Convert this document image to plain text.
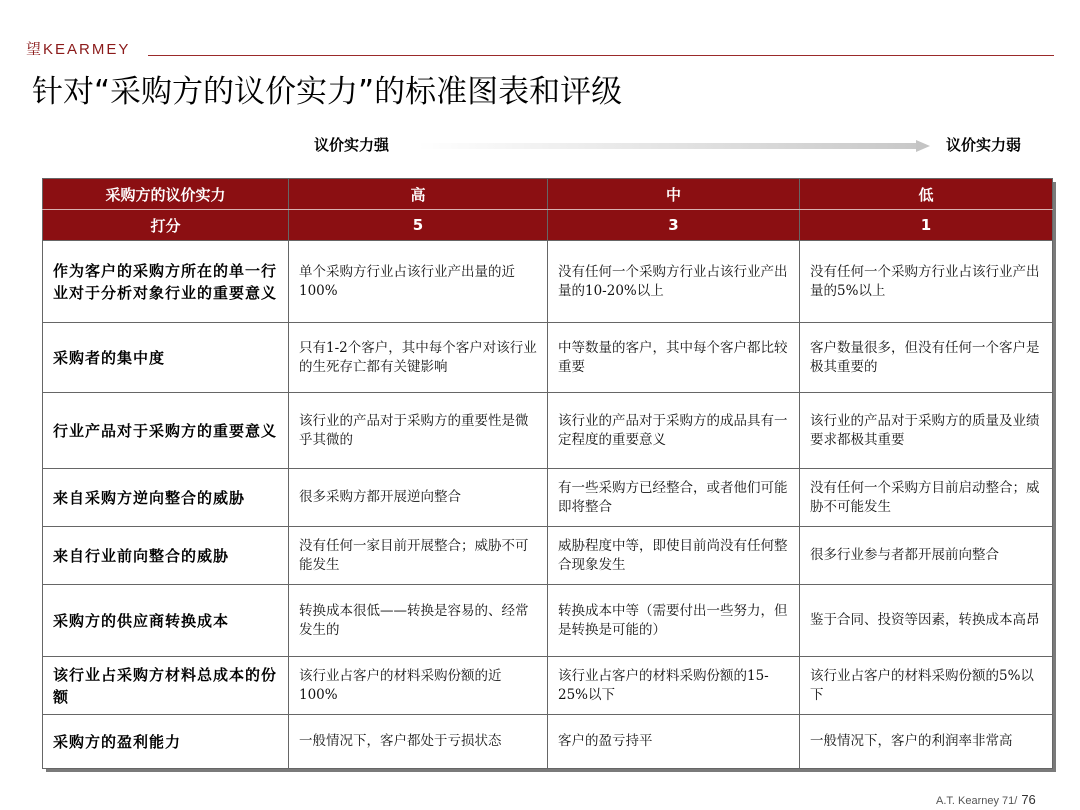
望KEARMEY
针对“采购方的议价实力”的标准图表和评级
议价实力强	议价实力弱
采购方的议价实力	高	中	低
打分	5	3	1
作为客户的采购方所在的单一行业对于分析对象行业的重要意义	单个采购方行业占该行业产出量的近100%	没有任何一个采购方行业占该行业产出量的10-20%以上	没有任何一个采购方行业占该行业产出量的5%以上
采购者的集中度	只有1-2个客户，其中每个客户对该行业的生死存亡都有关键影响	中等数量的客户，其中每个客户都比较重要	客户数量很多，但没有任何一个客户是极其重要的
行业产品对于采购方的重要意义	该行业的产品对于采购方的重要性是微乎其微的	该行业的产品对于采购方的成品具有一定程度的重要意义	该行业的产品对于采购方的质量及业绩要求都极其重要
来自采购方逆向整合的威胁	很多采购方都开展逆向整合	有一些采购方已经整合，或者他们可能即将整合	没有任何一个采购方目前启动整合；威胁不可能发生
来自行业前向整合的威胁	没有任何一家目前开展整合；威胁不可能发生	威胁程度中等，即使目前尚没有任何整合现象发生	很多行业参与者都开展前向整合
采购方的供应商转换成本	转换成本很低——转换是容易的、经常发生的	转换成本中等（需要付出一些努力，但是转换是可能的）	鉴于合同、投资等因素，转换成本高昂
该行业占采购方材料总成本的份额	该行业占客户的材料采购份额的近100%	该行业占客户的材料采购份额的15-25%以下	该行业占客户的材料采购份额的5%以下
采购方的盈利能力	一般情况下，客户都处于亏损状态	客户的盈亏持平	一般情况下，客户的利润率非常高
A.T. Kearney 71/ 76
